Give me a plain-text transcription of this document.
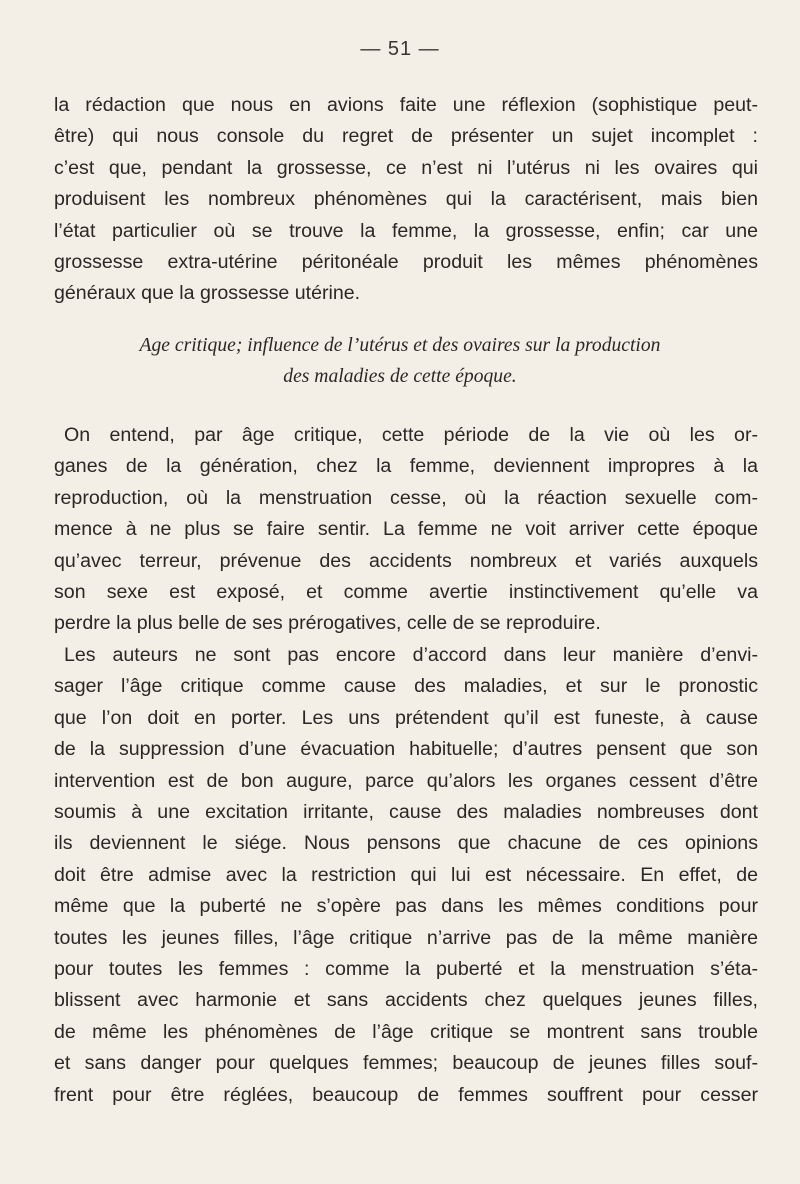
— 51 —
la rédaction que nous en avions faite une réflexion (sophistique peut-
être) qui nous console du regret de présenter un sujet incomplet :
c’est que, pendant la grossesse, ce n’est ni l’utérus ni les ovaires qui
produisent les nombreux phénomènes qui la caractérisent, mais bien
l’état particulier où se trouve la femme, la grossesse, enfin; car une
grossesse extra-utérine péritonéale produit les mêmes phénomènes
généraux que la grossesse utérine.
Age critique; influence de l’utérus et des ovaires sur la production
des maladies de cette époque.
On entend, par âge critique, cette période de la vie où les or-
ganes de la génération, chez la femme, deviennent impropres à la
reproduction, où la menstruation cesse, où la réaction sexuelle com-
mence à ne plus se faire sentir. La femme ne voit arriver cette époque
qu’avec terreur, prévenue des accidents nombreux et variés auxquels
son sexe est exposé, et comme avertie instinctivement qu’elle va
perdre la plus belle de ses prérogatives, celle de se reproduire.
Les auteurs ne sont pas encore d’accord dans leur manière d’envi-
sager l’âge critique comme cause des maladies, et sur le pronostic
que l’on doit en porter. Les uns prétendent qu’il est funeste, à cause
de la suppression d’une évacuation habituelle; d’autres pensent que son
intervention est de bon augure, parce qu’alors les organes cessent d’être
soumis à une excitation irritante, cause des maladies nombreuses dont
ils deviennent le siége. Nous pensons que chacune de ces opinions
doit être admise avec la restriction qui lui est nécessaire. En effet, de
même que la puberté ne s’opère pas dans les mêmes conditions pour
toutes les jeunes filles, l’âge critique n’arrive pas de la même manière
pour toutes les femmes : comme la puberté et la menstruation s’éta-
blissent avec harmonie et sans accidents chez quelques jeunes filles,
de même les phénomènes de l’âge critique se montrent sans trouble
et sans danger pour quelques femmes; beaucoup de jeunes filles souf-
frent pour être réglées, beaucoup de femmes souffrent pour cesser
